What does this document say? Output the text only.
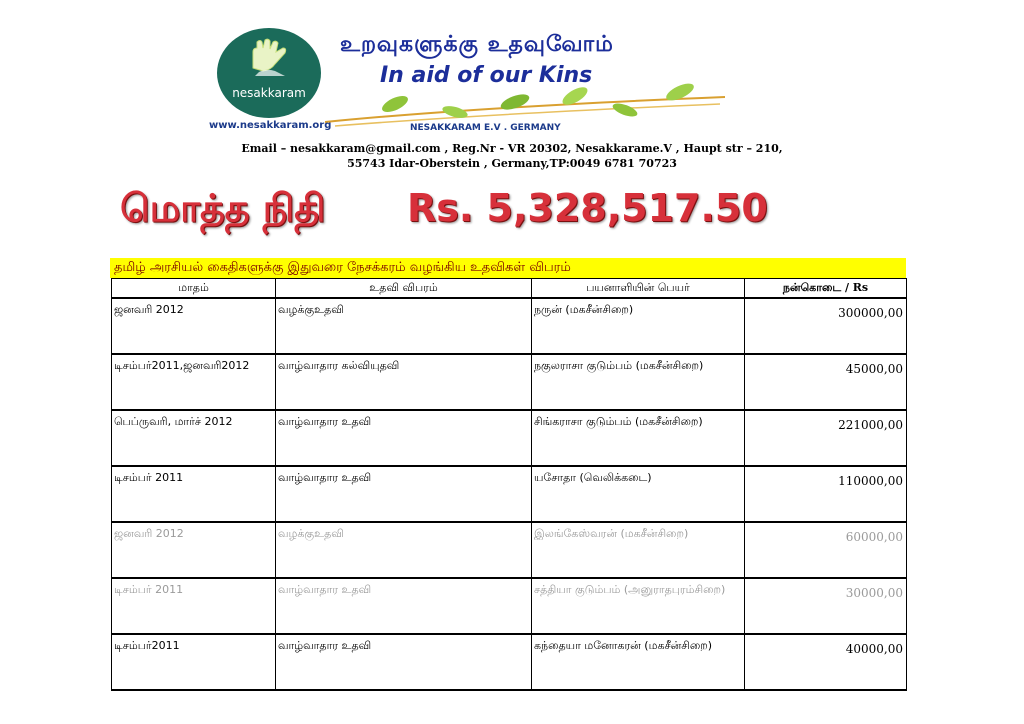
nesakkaram
உறவுகளுக்கு உதவுவோம்
In aid of our Kins
www.nesakkaram.org	NESAKKARAM E.V . GERMANY
Email – nesakkaram@gmail.com , Reg.Nr - VR 20302, Nesakkarame.V , Haupt str – 210,
55743 Idar-Oberstein , Germany,TP:0049 6781 70723
மொத்த நிதி Rs. 5,328,517.50
தமிழ் அரசியல் கைதிகளுக்கு இதுவரை நேசக்கரம் வழங்கிய உதவிகள் விபரம்
மாதம்	உதவி விபரம்	பயனாளியின் பெயர்	நன்கொடை / Rs
ஜனவரி 2012	வழக்குஉதவி	நருன் (மகசீன்சிறை)	300000,00
டிசம்பர்2011,ஜனவரி2012	வாழ்வாதார கல்வியுதவி	நகுலராசா குடும்பம் (மகசீன்சிறை)	45000,00
பெப்ருவரி, மார்ச் 2012	வாழ்வாதார உதவி	சிங்கராசா குடும்பம் (மகசீன்சிறை)	221000,00
டிசம்பர் 2011	வாழ்வாதார உதவி	யசோதா (வெலிக்கடை)	110000,00
ஜனவரி 2012	வழக்குஉதவி	இலங்கேஸ்வரன் (மகசீன்சிறை)	60000,00
டிசம்பர் 2011	வாழ்வாதார உதவி	சத்தியா குடும்பம் (அனுராதபுரம்சிறை)	30000,00
டிசம்பர்2011	வாழ்வாதார உதவி	கந்தையா மனோகரன் (மகசீன்சிறை)	40000,00
